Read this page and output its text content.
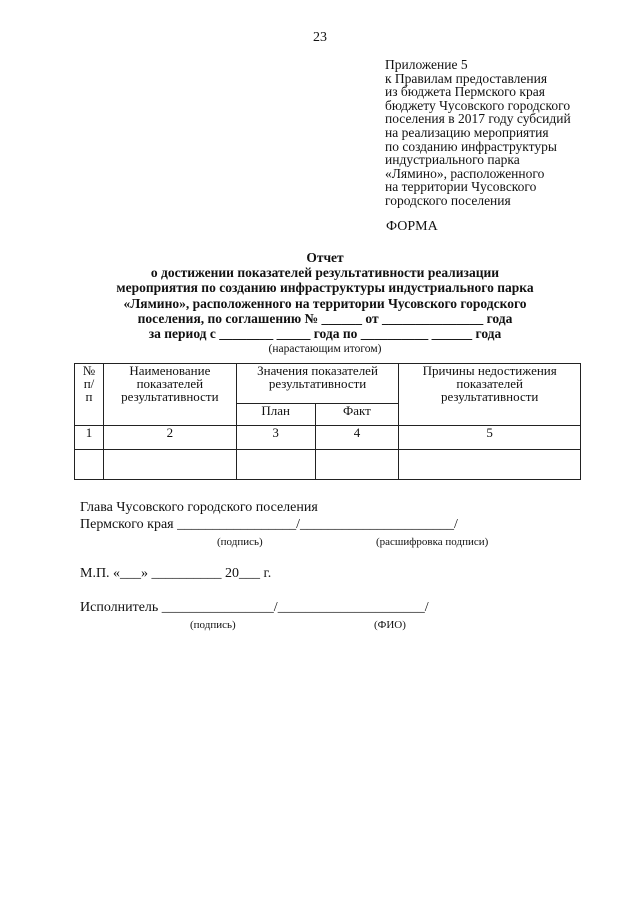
23
Приложение 5
к Правилам предоставления
из бюджета Пермского края
бюджету Чусовского городского
поселения в 2017 году субсидий
на реализацию мероприятия
по созданию инфраструктуры
индустриального парка
«Лямино», расположенного
на территории Чусовского
городского поселения
ФОРМА
Отчет
о достижении показателей результативности реализации
мероприятия по созданию инфраструктуры индустриального парка
«Лямино», расположенного на территории Чусовского городского
поселения, по соглашению № ______ от _______________ года
за период с ________ _____ года по __________ ______ года
(нарастающим итогом)
№ п/п	Наименование показателей результативности	Значения показателей результативности		Причины недостижения показателей результативности
		План	Факт	
1	2	3	4	5

Глава Чусовского городского поселения
Пермского края _________________/______________________/
(подпись)	(расшифровка подписи)
М.П. «___» __________ 20___ г.
Исполнитель ________________/_____________________/
(подпись)	(ФИО)
